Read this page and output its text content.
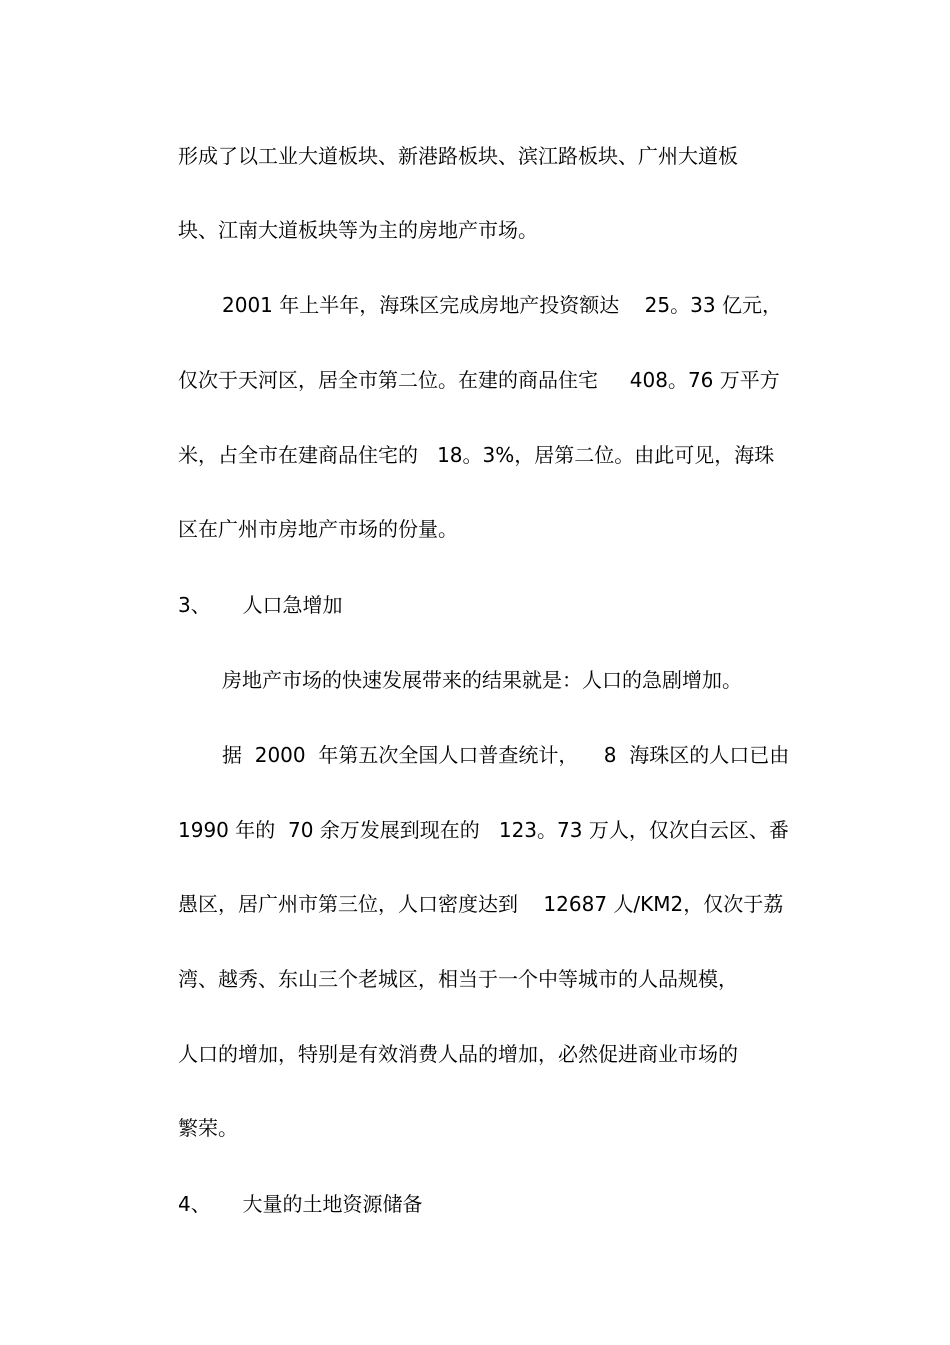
形成了以工业大道板块、新港路板块、滨江路板块、广州大道板
块、江南大道板块等为主的房地产市场。
2001 年上半年，海珠区完成房地产投资额达    25。33 亿元，
仅次于天河区，居全市第二位。在建的商品住宅     408。76 万平方
米，占全市在建商品住宅的   18。3%，居第二位。由此可见，海珠
区在广州市房地产市场的份量。
3、     人口急增加
房地产市场的快速发展带来的结果就是：人口的急剧增加。
据  2000  年第五次全国人口普查统计，    8  海珠区的人口已由
1990 年的  70 余万发展到现在的   123。73 万人，仅次白云区、番
愚区，居广州市第三位，人口密度达到    12687 人/KM2，仅次于荔
湾、越秀、东山三个老城区，相当于一个中等城市的人品规模，
人口的增加，特别是有效消费人品的增加，必然促进商业市场的
繁荣。
4、     大量的土地资源储备
